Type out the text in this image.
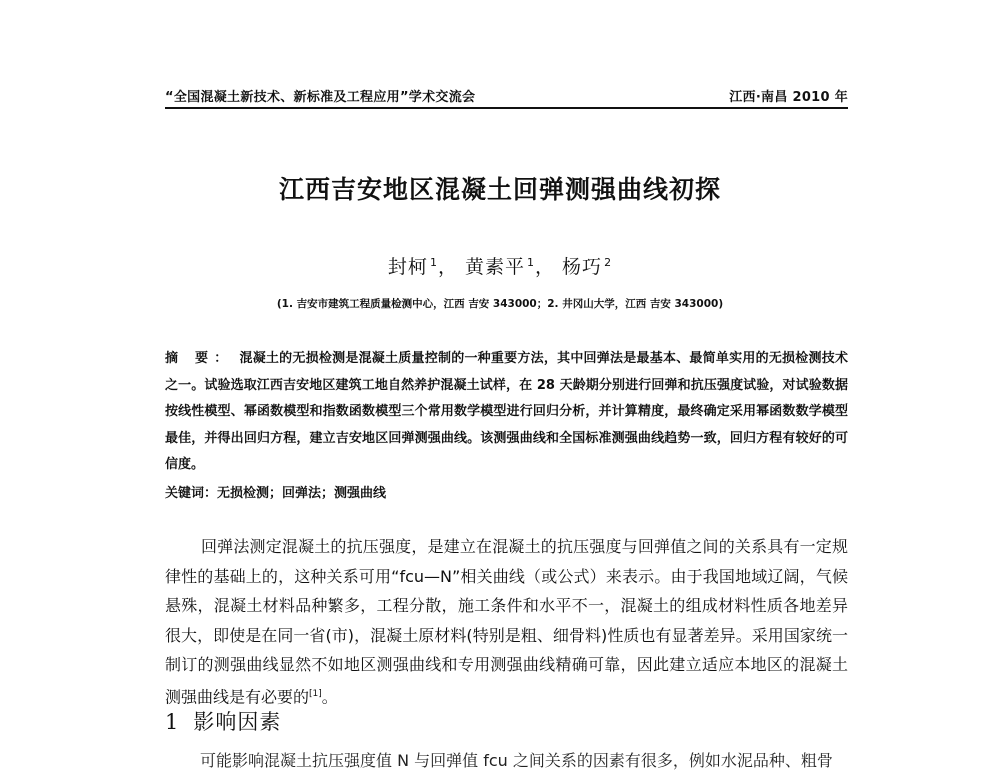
“全国混凝土新技术、新标准及工程应用”学术交流会	江西·南昌 2010 年
江西吉安地区混凝土回弹测强曲线初探
封柯 $^1$， 黄素平 $^1$， 杨巧 $^2$
(1. 吉安市建筑工程质量检测中心，江西 吉安 343000；2. 井冈山大学，江西 吉安 343000)
摘 要： 混凝土的无损检测是混凝土质量控制的一种重要方法，其中回弹法是最基本、最简单实用的无损检测技术之一。试验选取江西吉安地区建筑工地自然养护混凝土试样，在 28 天龄期分别进行回弹和抗压强度试验，对试验数据按线性模型、幂函数模型和指数函数模型三个常用数学模型进行回归分析，并计算精度，最终确定采用幂函数数学模型最佳，并得出回归方程，建立吉安地区回弹测强曲线。该测强曲线和全国标准测强曲线趋势一致，回归方程有较好的可信度。
关键词：无损检测；回弹法；测强曲线
回弹法测定混凝土的抗压强度，是建立在混凝土的抗压强度与回弹值之间的关系具有一定规律性的基础上的，这种关系可用“fcu—N”相关曲线（或公式）来表示。由于我国地域辽阔，气候悬殊，混凝土材料品种繁多，工程分散，施工条件和水平不一，混凝土的组成材料性质各地差异很大，即使是在同一省(市)，混凝土原材料(特别是粗、细骨料)性质也有显著差异。采用国家统一制订的测强曲线显然不如地区测强曲线和专用测强曲线精确可靠，因此建立适应本地区的混凝土测强曲线是有必要的[1]。
1 影响因素
可能影响混凝土抗压强度值 N 与回弹值 fcu 之间关系的因素有很多，例如水泥品种、粗骨
